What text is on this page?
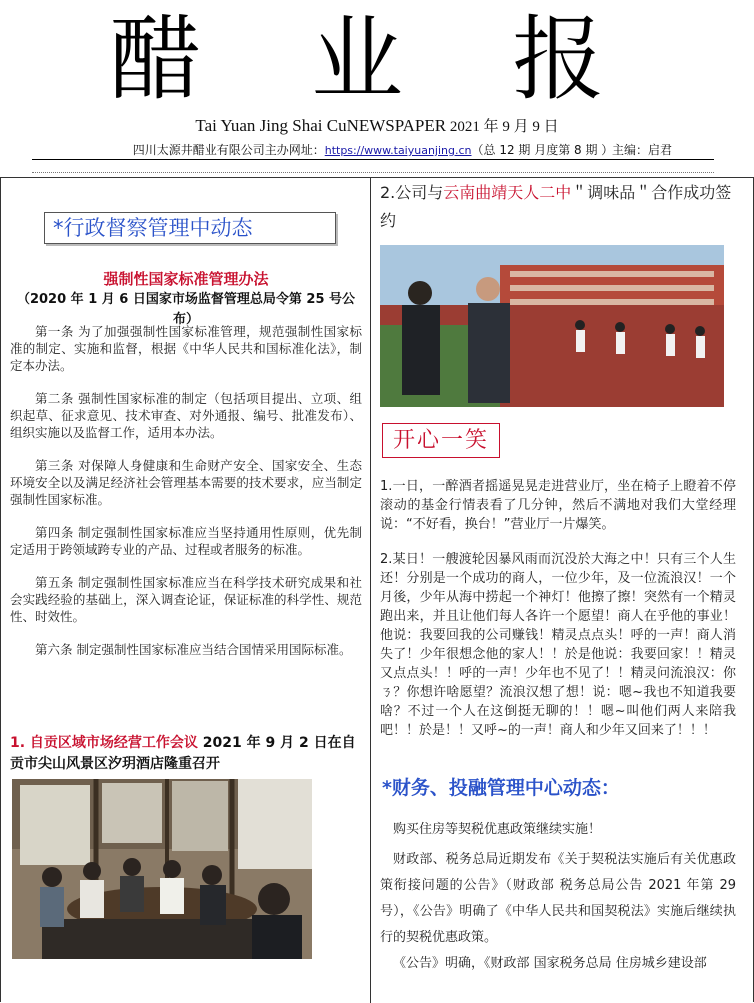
醋 业 报
Tai Yuan Jing Shai CuNEWSPAPER 2021 年 9 月 9 日
四川太源井醋业有限公司主办网址：https://www.taiyuanjing.cn（总 12 期 月度第 8 期 ）
主编：启君
*行政督察管理中动态
强制性国家标准管理办法
（2020 年 1 月 6 日国家市场监督管理总局令第 25 号公布）

第一条 为了加强强制性国家标准管理，规范强制性国家标准的制定、实施和监督，根据《中华人民共和国标准化法》，制定本办法。

第二条 强制性国家标准的制定（包括项目提出、立项、组织起草、征求意见、技术审查、对外通报、编号、批准发布）、组织实施以及监督工作，适用本办法。

第三条 对保障人身健康和生命财产安全、国家安全、生态环境安全以及满足经济社会管理基本需要的技术要求，应当制定强制性国家标准。

第四条 制定强制性国家标准应当坚持通用性原则，优先制定适用于跨领域跨专业的产品、过程或者服务的标准。

第五条 制定强制性国家标准应当在科学技术研究成果和社会实践经验的基础上，深入调查论证，保证标准的科学性、规范性、时效性。

第六条 制定强制性国家标准应当结合国情采用国际标准。

1. 自贡区域市场经营工作会议 2021 年 9 月 2 日在自贡市尖山风景区汐玥酒店隆重召开
2.公司与云南曲靖天人二中＂调味品＂合作成功签约
开心一笑

1.一日，一醉酒者摇遥晃晃走进营业厅，坐在椅子上瞪着不停滚动的基金行情表看了几分钟，然后不满地对我们大堂经理说：“不好看，换台！”营业厅一片爆笑。

2.某日！一艘渡轮因暴风雨而沉没於大海之中！只有三个人生还！分别是一个成功的商人，一位少年，及一位流浪汉！一个月後，少年从海中捞起一个神灯！他擦了擦！突然有一个精灵跑出来，并且让他们每人各许一个愿望！商人在乎他的事业！他说：我要回我的公司赚钱！精灵点点头！呼的一声！商人消失了！少年很想念他的家人！！於是他说：我要回家！！精灵又点点头！！呼的一声！少年也不见了！！精灵问流浪汉：你ㄋ？你想许啥愿望？流浪汉想了想！说：嗯~我也不知道我要啥？不过一个人在这倒挺无聊的！！嗯~叫他们两人来陪我吧！！於是！！又呼~的一声！商人和少年又回来了！！！

*财务、投融管理中心动态：

购买住房等契税优惠政策继续实施！

财政部、税务总局近期发布《关于契税法实施后有关优惠政策衔接问题的公告》（财政部 税务总局公告 2021 年第 29 号），《公告》明确了《中华人民共和国契税法》实施后继续执行的契税优惠政策。

《公告》明确，《财政部 国家税务总局 住房城乡建设部
